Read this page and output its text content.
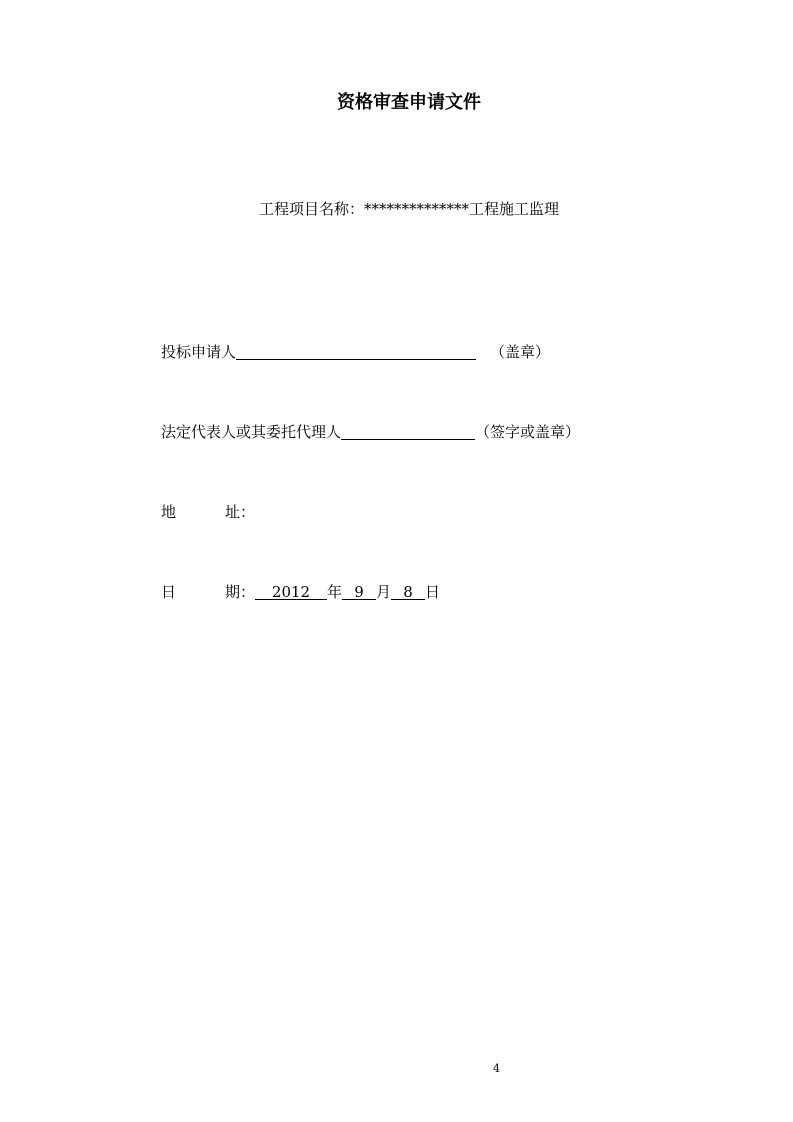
资格审查申请文件
工程项目名称：**************工程施工监理
投标申请人	（盖章）
法定代表人或其委托代理人	（签字或盖章）
地	址：
日	期： 2012 年 9 月 8 日
4
